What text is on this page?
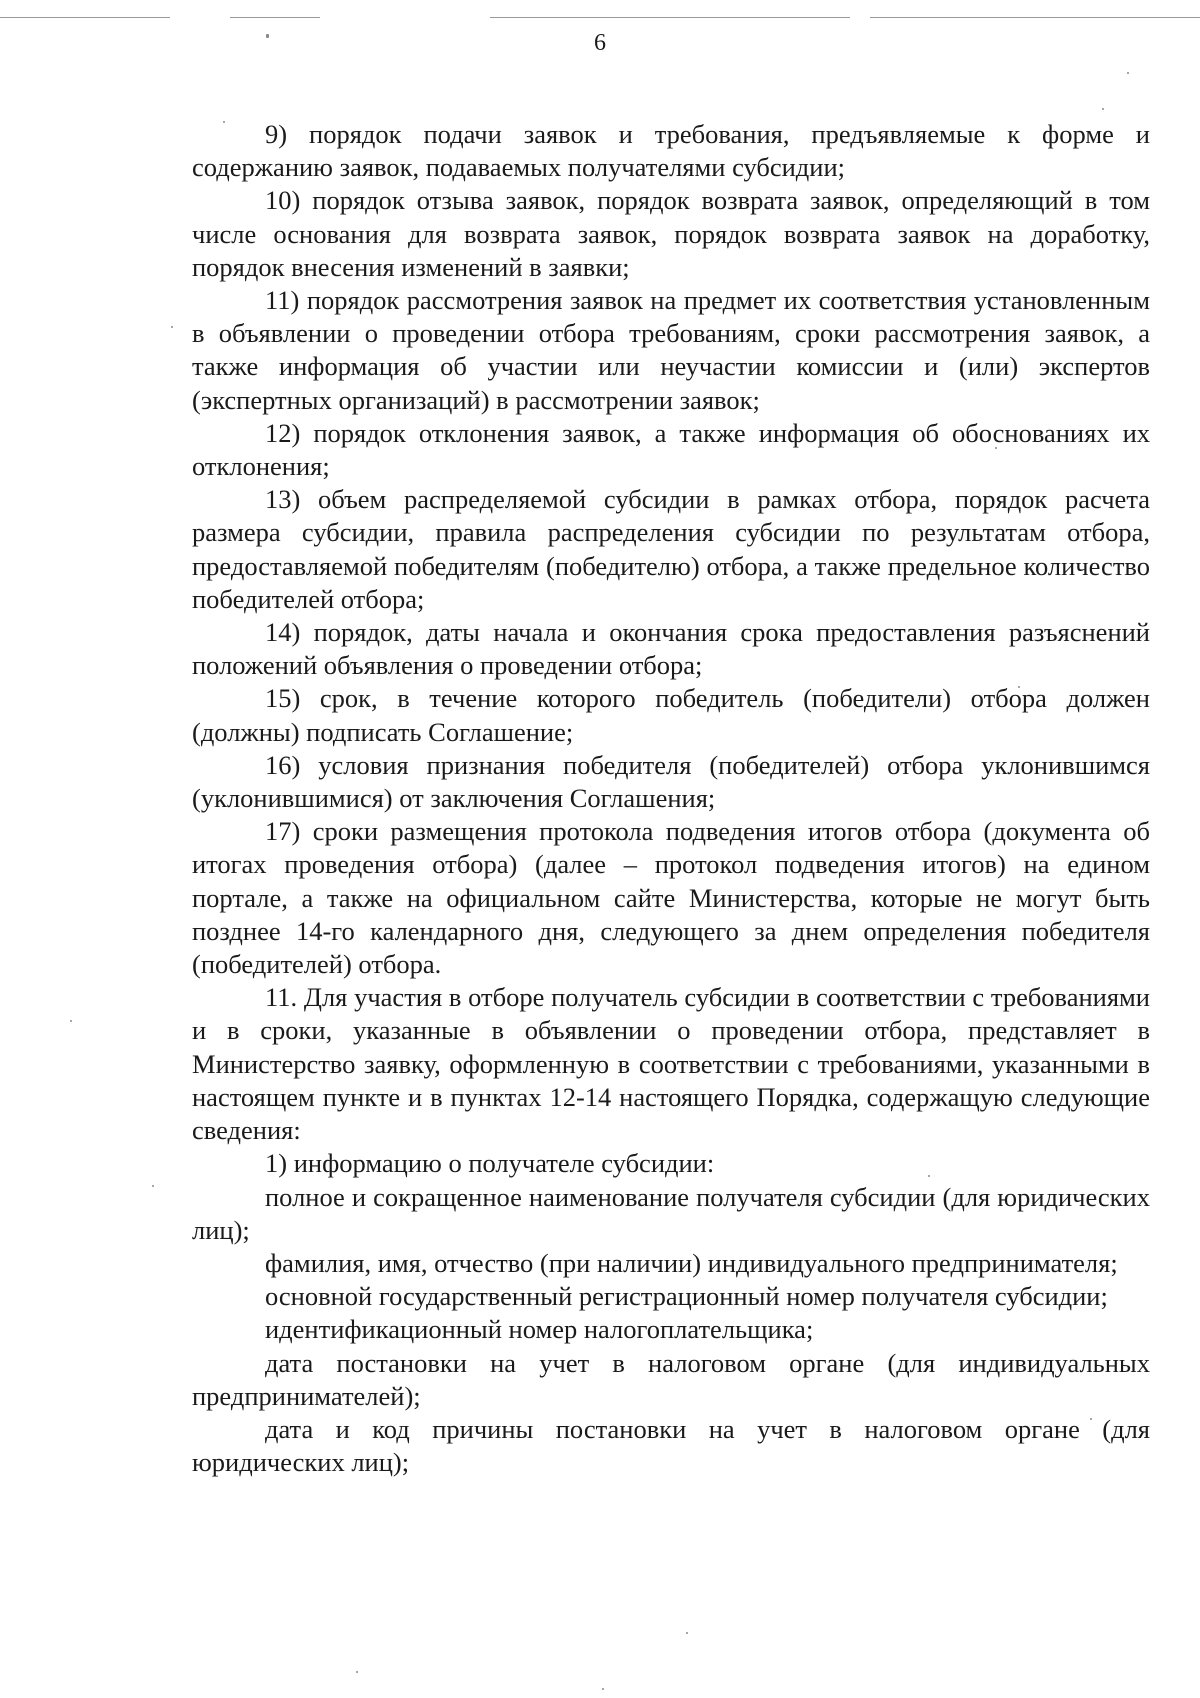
6

9) порядок подачи заявок и требования, предъявляемые к форме и содержанию заявок, подаваемых получателями субсидии;

10) порядок отзыва заявок, порядок возврата заявок, определяющий в том числе основания для возврата заявок, порядок возврата заявок на доработку, порядок внесения изменений в заявки;

11) порядок рассмотрения заявок на предмет их соответствия установленным в объявлении о проведении отбора требованиям, сроки рассмотрения заявок, а также информация об участии или неучастии комиссии и (или) экспертов (экспертных организаций) в рассмотрении заявок;

12) порядок отклонения заявок, а также информация об обоснованиях их отклонения;

13) объем распределяемой субсидии в рамках отбора, порядок расчета размера субсидии, правила распределения субсидии по результатам отбора, предоставляемой победителям (победителю) отбора, а также предельное количество победителей отбора;

14) порядок, даты начала и окончания срока предоставления разъяснений положений объявления о проведении отбора;

15) срок, в течение которого победитель (победители) отбора должен (должны) подписать Соглашение;

16) условия признания победителя (победителей) отбора уклонившимся (уклонившимися) от заключения Соглашения;

17) сроки размещения протокола подведения итогов отбора (документа об итогах проведения отбора) (далее – протокол подведения итогов) на едином портале, а также на официальном сайте Министерства, которые не могут быть позднее 14-го календарного дня, следующего за днем определения победителя (победителей) отбора.

11. Для участия в отборе получатель субсидии в соответствии с требованиями и в сроки, указанные в объявлении о проведении отбора, представляет в Министерство заявку, оформленную в соответствии с требованиями, указанными в настоящем пункте и в пунктах 12-14 настоящего Порядка, содержащую следующие сведения:

1) информацию о получателе субсидии:

полное и сокращенное наименование получателя субсидии (для юридических лиц);

фамилия, имя, отчество (при наличии) индивидуального предпринимателя;

основной государственный регистрационный номер получателя субсидии;

идентификационный номер налогоплательщика;

дата постановки на учет в налоговом органе (для индивидуальных предпринимателей);

дата и код причины постановки на учет в налоговом органе (для юридических лиц);
